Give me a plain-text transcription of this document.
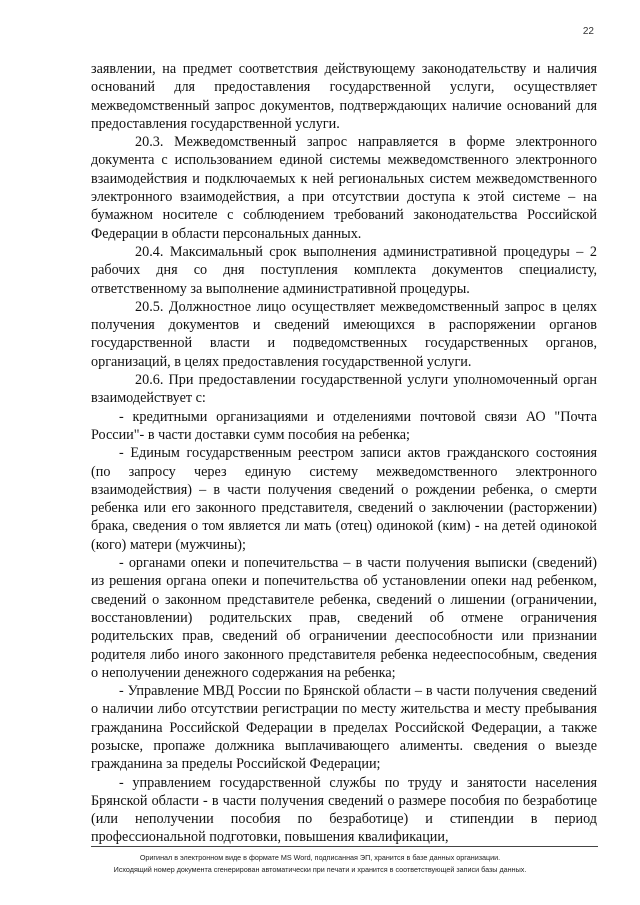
22

заявлении, на предмет соответствия действующему законодательству и наличия оснований для предоставления государственной услуги, осуществляет межведомственный запрос документов, подтверждающих наличие оснований для предоставления государственной услуги.

20.3. Межведомственный запрос направляется в форме электронного документа с использованием единой системы межведомственного электронного взаимодействия и подключаемых к ней региональных систем межведомственного электронного взаимодействия, а при отсутствии доступа к этой системе – на бумажном носителе с соблюдением требований законодательства Российской Федерации в области персональных данных.

20.4. Максимальный срок выполнения административной процедуры – 2 рабочих дня со дня поступления комплекта документов специалисту, ответственному за выполнение административной процедуры.

20.5. Должностное лицо осуществляет межведомственный запрос в целях получения документов и сведений имеющихся в распоряжении органов государственной власти и подведомственных государственных органов, организаций, в целях предоставления государственной услуги.

20.6. При предоставлении государственной услуги уполномоченный орган взаимодействует с:

- кредитными организациями и отделениями почтовой связи АО "Почта России"- в части доставки сумм пособия на ребенка;

- Единым государственным реестром записи актов гражданского состояния (по запросу через единую систему межведомственного электронного взаимодействия) – в части получения сведений о рождении ребенка, о смерти ребенка или его законного представителя, сведений о заключении (расторжении) брака, сведения о том является ли мать (отец) одинокой (ким) - на детей одинокой (кого) матери (мужчины);

- органами опеки и попечительства – в части получения выписки (сведений) из решения органа опеки и попечительства об установлении опеки над ребенком, сведений о законном представителе ребенка, сведений о лишении (ограничении, восстановлении) родительских прав, сведений об отмене ограничения родительских прав, сведений об ограничении дееспособности или признании родителя либо иного законного представителя ребенка недееспособным, сведения о неполучении денежного содержания на ребенка;

- Управление МВД России по Брянской области – в части получения сведений о наличии либо отсутствии регистрации по месту жительства и месту пребывания гражданина Российской Федерации в пределах Российской Федерации, а также розыске, пропаже должника выплачивающего алименты. сведения о выезде гражданина за пределы Российской Федерации;

- управлением государственной службы по труду и занятости населения Брянской области - в части получения сведений о размере пособия по безработице (или неполучении пособия по безработице) и стипендии в период профессиональной подготовки, повышения квалификации,

Оригинал в электронном виде в формате MS Word, подписанная ЭП, хранится в базе данных организации.
Исходящий номер документа сгенерирован автоматически при печати и хранится в соответствующей записи базы данных.
